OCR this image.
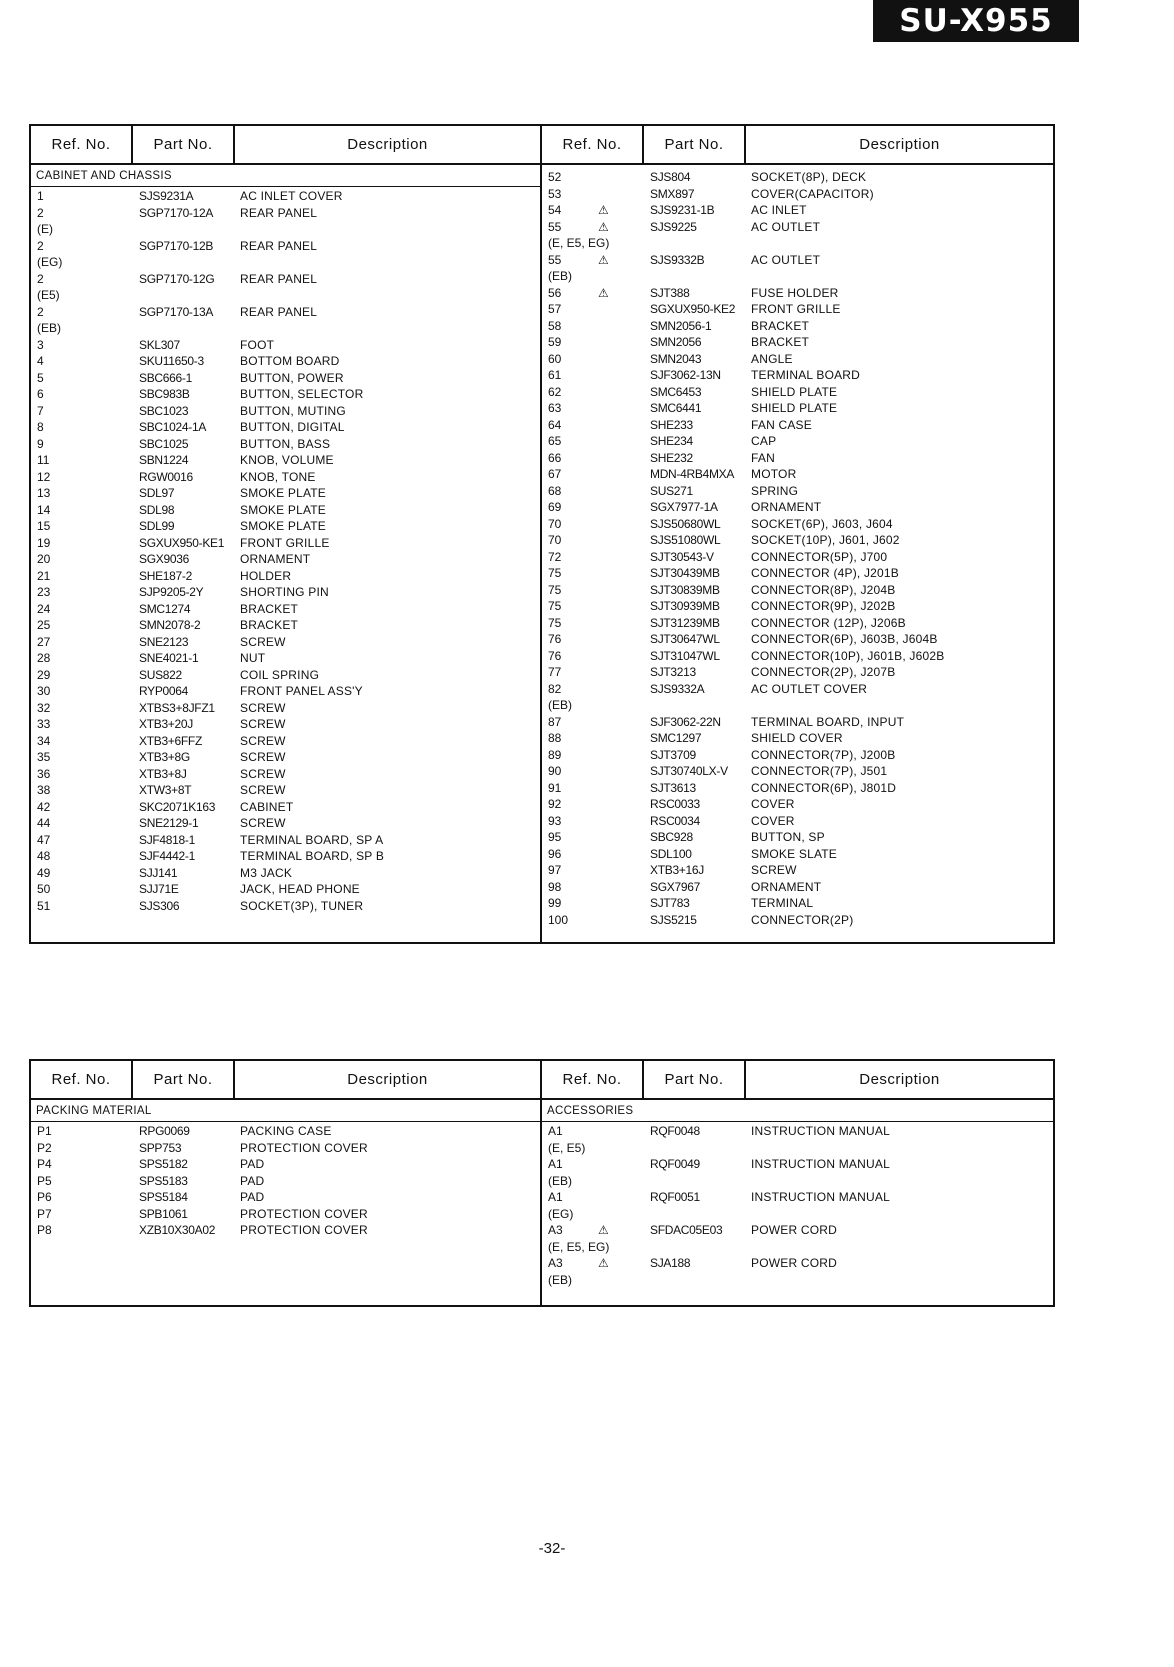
SU-X955
Ref. No.	Part No.	Description
CABINET AND CHASSIS
1	SJS9231A	AC INLET COVER
2	SGP7170-12A REAR PANEL
(E)
2	SGP7170-12B REAR PANEL
(EG)
2	SGP7170-12G REAR PANEL
(E5)
2	SGP7170-13A REAR PANEL
(EB)
3	SKL307	FOOT
4	SKU11650-3	BOTTOM BOARD
5	SBC666-1	BUTTON, POWER
6	SBC983B	BUTTON, SELECTOR
7	SBC1023	BUTTON, MUTING
8	SBC1024-1A	BUTTON, DIGITAL
9	SBC1025	BUTTON, BASS
11	SBN1224	KNOB, VOLUME
12	RGW0016	KNOB, TONE
13	SDL97	SMOKE PLATE
14	SDL98	SMOKE PLATE
15	SDL99	SMOKE PLATE
19	SGXUX950-KE1 FRONT GRILLE
20	SGX9036	ORNAMENT
21	SHE187-2	HOLDER
23	SJP9205-2Y	SHORTING PIN
24	SMC1274	BRACKET
25	SMN2078-2	BRACKET
27	SNE2123	SCREW
28	SNE4021-1	NUT
29	SUS822	COIL SPRING
30	RYP0064	FRONT PANEL ASS'Y
32	XTBS3+8JFZ1 SCREW
33	XTB3+20J	SCREW
34	XTB3+6FFZ	SCREW
35	XTB3+8G	SCREW
36	XTB3+8J	SCREW
38	XTW3+8T	SCREW
42	SKC2071K163 CABINET
44	SNE2129-1	SCREW
47	SJF4818-1	TERMINAL BOARD, SP A
48	SJF4442-1	TERMINAL BOARD, SP B
49	SJJ141	M3 JACK
50	SJJ71E	JACK, HEAD PHONE
51	SJS306	SOCKET(3P), TUNER
Ref. No.	Part No.	Description
52	SJS804	SOCKET(8P), DECK
53	SMX897	COVER(CAPACITOR)
54	⚠	SJS9231-1B	AC INLET
55	⚠	SJS9225	AC OUTLET
(E, E5, EG)
55	⚠	SJS9332B	AC OUTLET
(EB)
56	⚠	SJT388	FUSE HOLDER
57	SGXUX950-KE2 FRONT GRILLE
58	SMN2056-1	BRACKET
59	SMN2056	BRACKET
60	SMN2043	ANGLE
61	SJF3062-13N	TERMINAL BOARD
62	SMC6453	SHIELD PLATE
63	SMC6441	SHIELD PLATE
64	SHE233	FAN CASE
65	SHE234	CAP
66	SHE232	FAN
67	MDN-4RB4MXA MOTOR
68	SUS271	SPRING
69	SGX7977-1A	ORNAMENT
70	SJS50680WL	SOCKET(6P), J603, J604
70	SJS51080WL	SOCKET(10P), J601, J602
72	SJT30543-V	CONNECTOR(5P), J700
75	SJT30439MB	CONNECTOR (4P), J201B
75	SJT30839MB	CONNECTOR(8P), J204B
75	SJT30939MB	CONNECTOR(9P), J202B
75	SJT31239MB	CONNECTOR (12P), J206B
76	SJT30647WL	CONNECTOR(6P), J603B, J604B
76	SJT31047WL	CONNECTOR(10P), J601B, J602B
77	SJT3213	CONNECTOR(2P), J207B
82	SJS9332A	AC OUTLET COVER
(EB)
87	SJF3062-22N	TERMINAL BOARD, INPUT
88	SMC1297	SHIELD COVER
89	SJT3709	CONNECTOR(7P), J200B
90	SJT30740LX-V CONNECTOR(7P), J501
91	SJT3613	CONNECTOR(6P), J801D
92	RSC0033	COVER
93	RSC0034	COVER
95	SBC928	BUTTON, SP
96	SDL100	SMOKE SLATE
97	XTB3+16J	SCREW
98	SGX7967	ORNAMENT
99	SJT783	TERMINAL
100	SJS5215	CONNECTOR(2P)
Ref. No.	Part No.	Description
PACKING MATERIAL
P1	RPG0069	PACKING CASE
P2	SPP753	PROTECTION COVER
P4	SPS5182	PAD
P5	SPS5183	PAD
P6	SPS5184	PAD
P7	SPB1061	PROTECTION COVER
P8	XZB10X30A02 PROTECTION COVER
Ref. No.	Part No.	Description
ACCESSORIES
A1	RQF0048	INSTRUCTION MANUAL
(E, E5)
A1	RQF0049	INSTRUCTION MANUAL
(EB)
A1	RQF0051	INSTRUCTION MANUAL
(EG)
A3	⚠	SFDAC05E03 POWER CORD
(E, E5, EG)
A3	⚠	SJA188	POWER CORD
(EB)
-32-
